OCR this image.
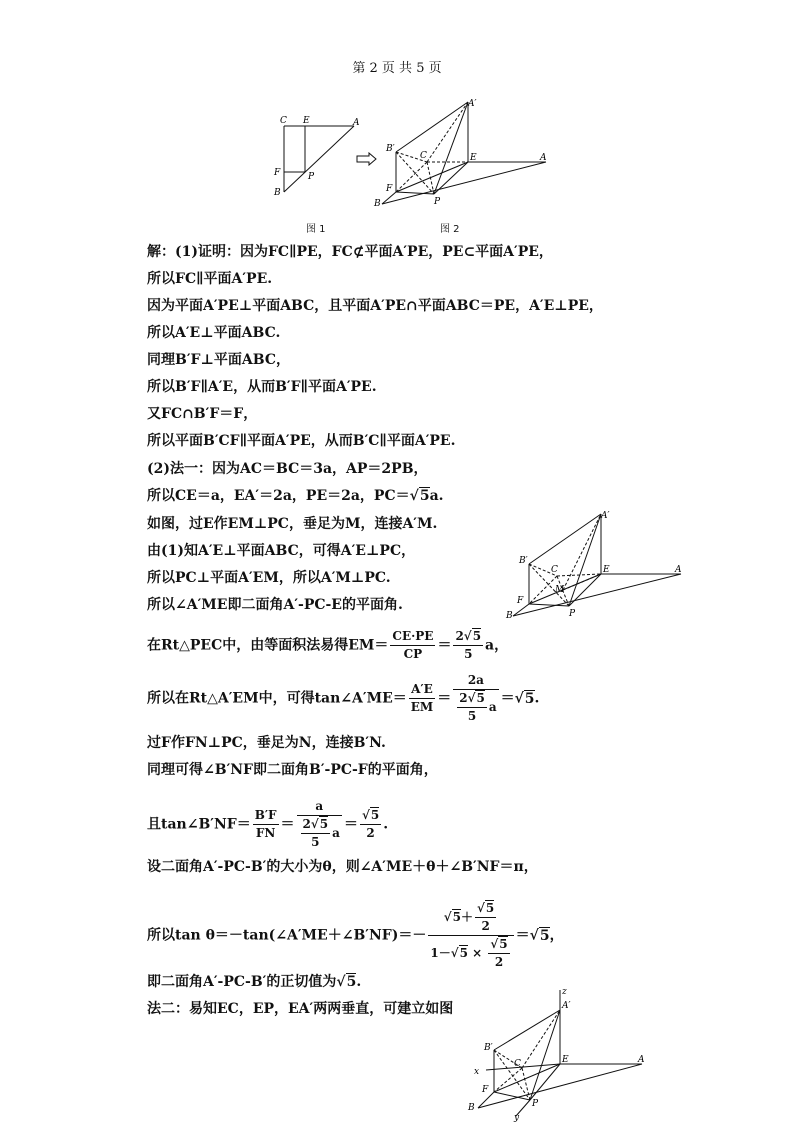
第 2 页 共 5 页
C E	A
F	P
B
图 1
A′
B′
C	E	A
F
P
B
图 2
解：(1)证明：因为FC∥PE，FC⊄平面A′PE，PE⊂平面A′PE，
所以FC∥平面A′PE.
因为平面A′PE⊥平面ABC，且平面A′PE∩平面ABC＝PE，A′E⊥PE，
所以A′E⊥平面ABC.
同理B′F⊥平面ABC，
所以B′F∥A′E，从而B′F∥平面A′PE.
又FC∩B′F＝F，
所以平面B′CF∥平面A′PE，从而B′C∥平面A′PE.
(2)法一：因为AC＝BC＝3a，AP＝2PB，
所以CE＝a，EA′＝2a，PE＝2a，PC＝√5a.
如图，过E作EM⊥PC，垂足为M，连接A′M.
由(1)知A′E⊥平面ABC，可得A′E⊥PC，
所以PC⊥平面A′EM，所以A′M⊥PC.
所以∠A′ME即二面角A′-PC-E的平面角.
A′
B′
C
M
E	A
F
P
B
在Rt△PEC中，由等面积法易得$EM= \frac{CE\cdot PE}{CP} = \frac{2√5}{5}$ a，
所以在Rt△A′EM中，可得tan∠A′ME＝ $\frac{A'E}{EM} = \frac{2a}{\frac{2√5}{5} a} =√5$.
过F作FN⊥PC，垂足为N，连接B′N.
同理可得∠B′NF即二面角B′-PC-F的平面角，
且tan∠B′NF＝ $\frac{B'F}{FN} = \frac{a}{\frac{2√5}{5} a} = \frac{√5}{2}$ .
设二面角A′-PC-B′的大小为θ，则∠A′ME＋θ＋∠B′NF＝π，
所以tan θ＝－tan(∠A′ME＋∠B′NF)＝－ $\frac{√5+ \frac{√5}{2}}{1-√5 \times \frac{√5}{2}} =√5$，
即二面角A′-PC-B′的正切值为√5.
法二：易知EC，EP，EA′两两垂直，可建立如图
z
A′
B′
C	E	A
x
F
P
B
y
